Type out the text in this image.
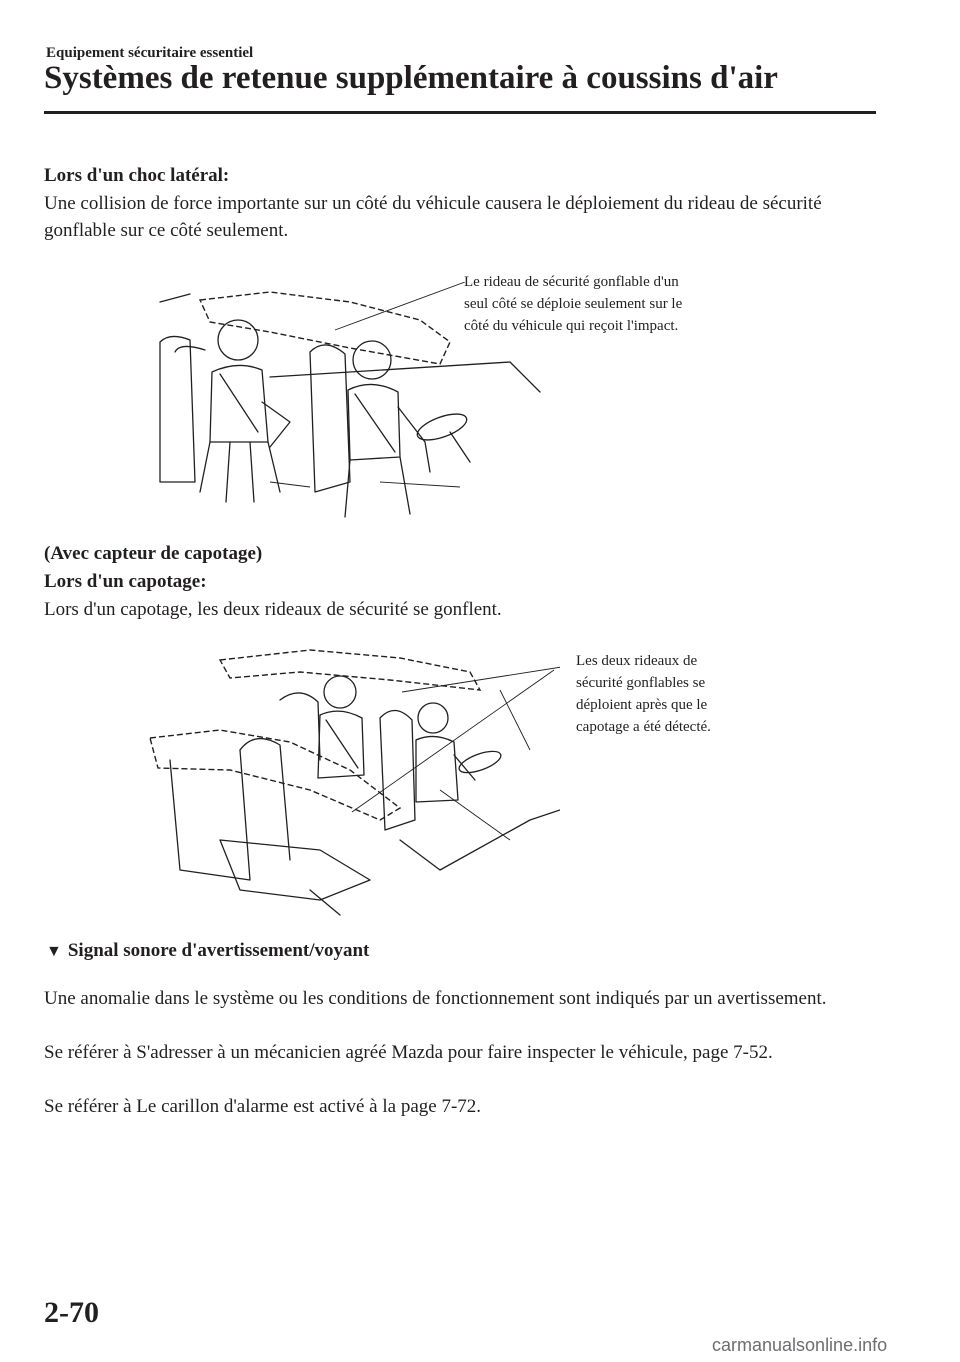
Equipement sécuritaire essentiel
Systèmes de retenue supplémentaire à coussins d'air
Lors d'un choc latéral:
Une collision de force importante sur un côté du véhicule causera le déploiement du rideau de sécurité gonflable sur ce côté seulement.
Le rideau de sécurité gonflable d'un
seul côté se déploie seulement sur le
côté du véhicule qui reçoit l'impact.
(Avec capteur de capotage)
Lors d'un capotage:
Lors d'un capotage, les deux rideaux de sécurité se gonflent.
Les deux rideaux de
sécurité gonflables se
déploient après que le
capotage a été détecté.
▼ Signal sonore d'avertissement/voyant
Une anomalie dans le système ou les conditions de fonctionnement sont indiqués par un avertissement.
Se référer à S'adresser à un mécanicien agréé Mazda pour faire inspecter le véhicule, page 7-52.
Se référer à Le carillon d'alarme est activé à la page 7-72.
2-70
carmanualsonline.info
